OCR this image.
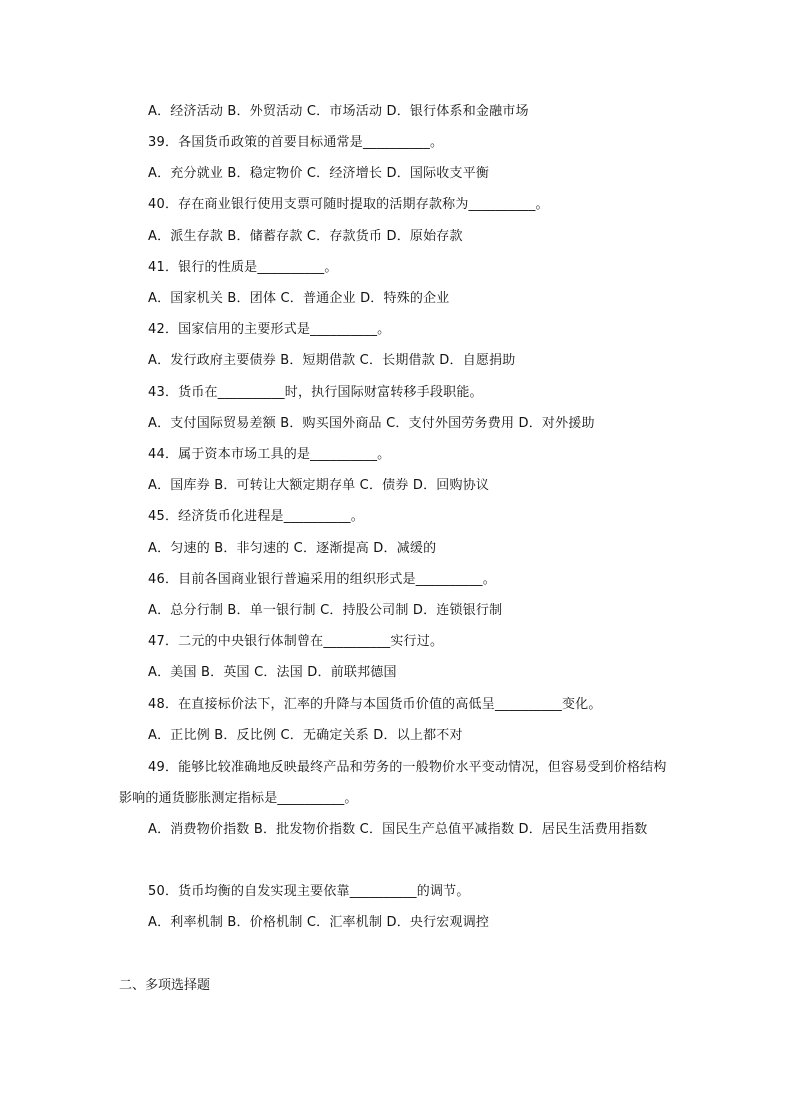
A．经济活动 B．外贸活动 C．市场活动 D．银行体系和金融市场
39．各国货币政策的首要目标通常是__________。
A．充分就业 B．稳定物价 C．经济增长 D．国际收支平衡
40．存在商业银行使用支票可随时提取的活期存款称为__________。
A．派生存款 B．储蓄存款 C．存款货币 D．原始存款
41．银行的性质是__________。
A．国家机关 B．团体 C．普通企业 D．特殊的企业
42．国家信用的主要形式是__________。
A．发行政府主要债券 B．短期借款 C．长期借款 D．自愿捐助
43．货币在__________时，执行国际财富转移手段职能。
A．支付国际贸易差额 B．购买国外商品 C．支付外国劳务费用 D．对外援助
44．属于资本市场工具的是__________。
A．国库券 B．可转让大额定期存单 C．债券 D．回购协议
45．经济货币化进程是__________。
A．匀速的 B．非匀速的 C．逐渐提高 D．减缓的
46．目前各国商业银行普遍采用的组织形式是__________。
A．总分行制 B．单一银行制 C．持股公司制 D．连锁银行制
47．二元的中央银行体制曾在__________实行过。
A．美国 B．英国 C．法国 D．前联邦德国
48．在直接标价法下，汇率的升降与本国货币价值的高低呈__________变化。
A．正比例 B．反比例 C．无确定关系 D．以上都不对
49．能够比较准确地反映最终产品和劳务的一般物价水平变动情况，但容易受到价格结构影响的通货膨胀测定指标是__________。
A．消费物价指数 B．批发物价指数 C．国民生产总值平减指数 D．居民生活费用指数
50．货币均衡的自发实现主要依靠__________的调节。
A．利率机制 B．价格机制 C．汇率机制 D．央行宏观调控
二、多项选择题
